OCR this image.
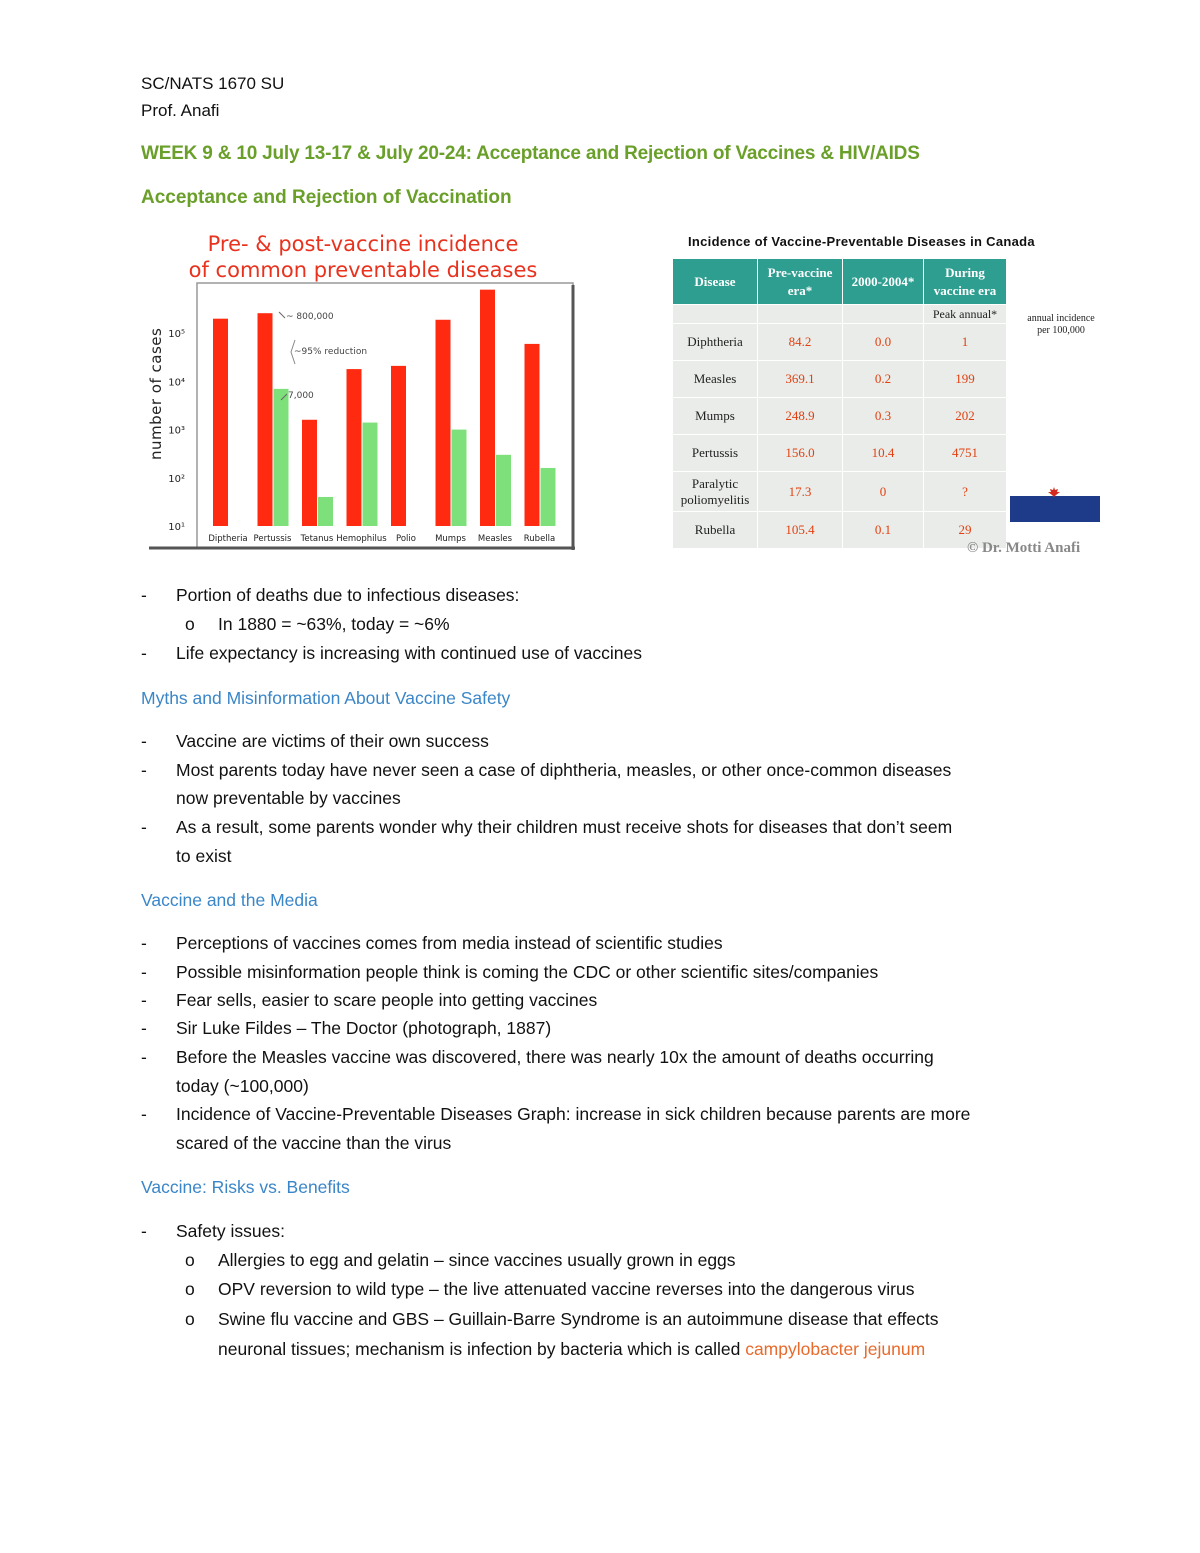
SC/NATS 1670 SU
Prof. Anafi
WEEK 9 & 10 July 13-17 & July 20-24: Acceptance and Rejection of Vaccines & HIV/AIDS
Acceptance and Rejection of Vaccination
Pre- & post-vaccine incidence
of common preventable diseases
10¹
10²
10³
10⁴
10⁵
Diptheria Pertussis Tetanus Hemophilus Polio Mumps Measles Rubella
number of cases
~ 800,000
~95% reduction
7,000
Incidence of Vaccine-Preventable Diseases in Canada
Disease	Pre-vaccine era*	2000-2004*	During vaccine era
			Peak annual*
Diphtheria	84.2	0.0	1
Measles	369.1	0.2	199
Mumps	248.9	0.3	202
Pertussis	156.0	10.4	4751
Paralytic poliomyelitis	17.3	0	?
Rubella	105.4	0.1	29
annual incidence per 100,000
© Dr. Motti Anafi
- Portion of deaths due to infectious diseases:
o In 1880 = ~63%, today = ~6%
- Life expectancy is increasing with continued use of vaccines
Myths and Misinformation About Vaccine Safety
- Vaccine are victims of their own success
- Most parents today have never seen a case of diphtheria, measles, or other once-common diseases
now preventable by vaccines
- As a result, some parents wonder why their children must receive shots for diseases that don’t seem
to exist
Vaccine and the Media
- Perceptions of vaccines comes from media instead of scientific studies
- Possible misinformation people think is coming the CDC or other scientific sites/companies
- Fear sells, easier to scare people into getting vaccines
- Sir Luke Fildes – The Doctor (photograph, 1887)
- Before the Measles vaccine was discovered, there was nearly 10x the amount of deaths occurring
today (~100,000)
- Incidence of Vaccine-Preventable Diseases Graph: increase in sick children because parents are more
scared of the vaccine than the virus
Vaccine: Risks vs. Benefits
- Safety issues:
o Allergies to egg and gelatin – since vaccines usually grown in eggs
o OPV reversion to wild type – the live attenuated vaccine reverses into the dangerous virus
o Swine flu vaccine and GBS – Guillain-Barre Syndrome is an autoimmune disease that effects
neuronal tissues; mechanism is infection by bacteria which is called campylobacter jejunum
